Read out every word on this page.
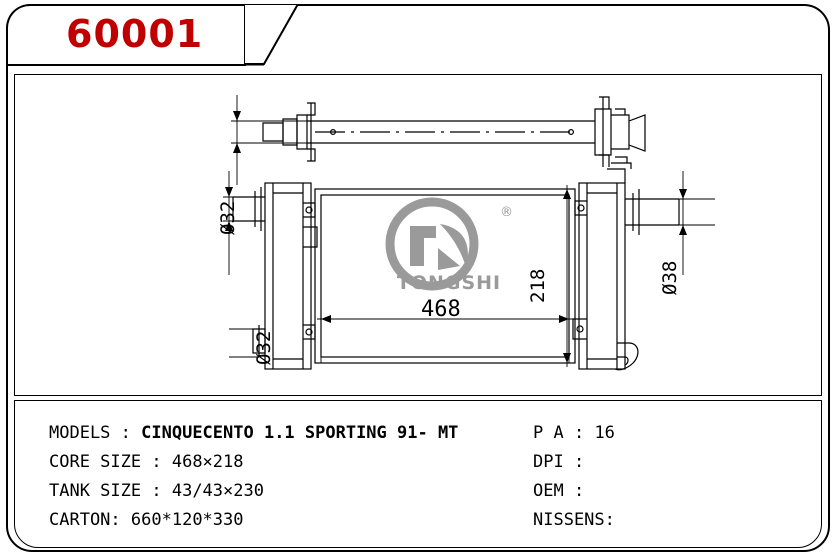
60001
Ø32
Ø32
218
468
Ø38
®
TONGSHI
MODELS : CINQUECENTO 1.1 SPORTING 91- MT
CORE SIZE : 468×218
TANK SIZE : 43/43×230
CARTON: 660*120*330
P A : 16
DPI :
OEM :
NISSENS:
